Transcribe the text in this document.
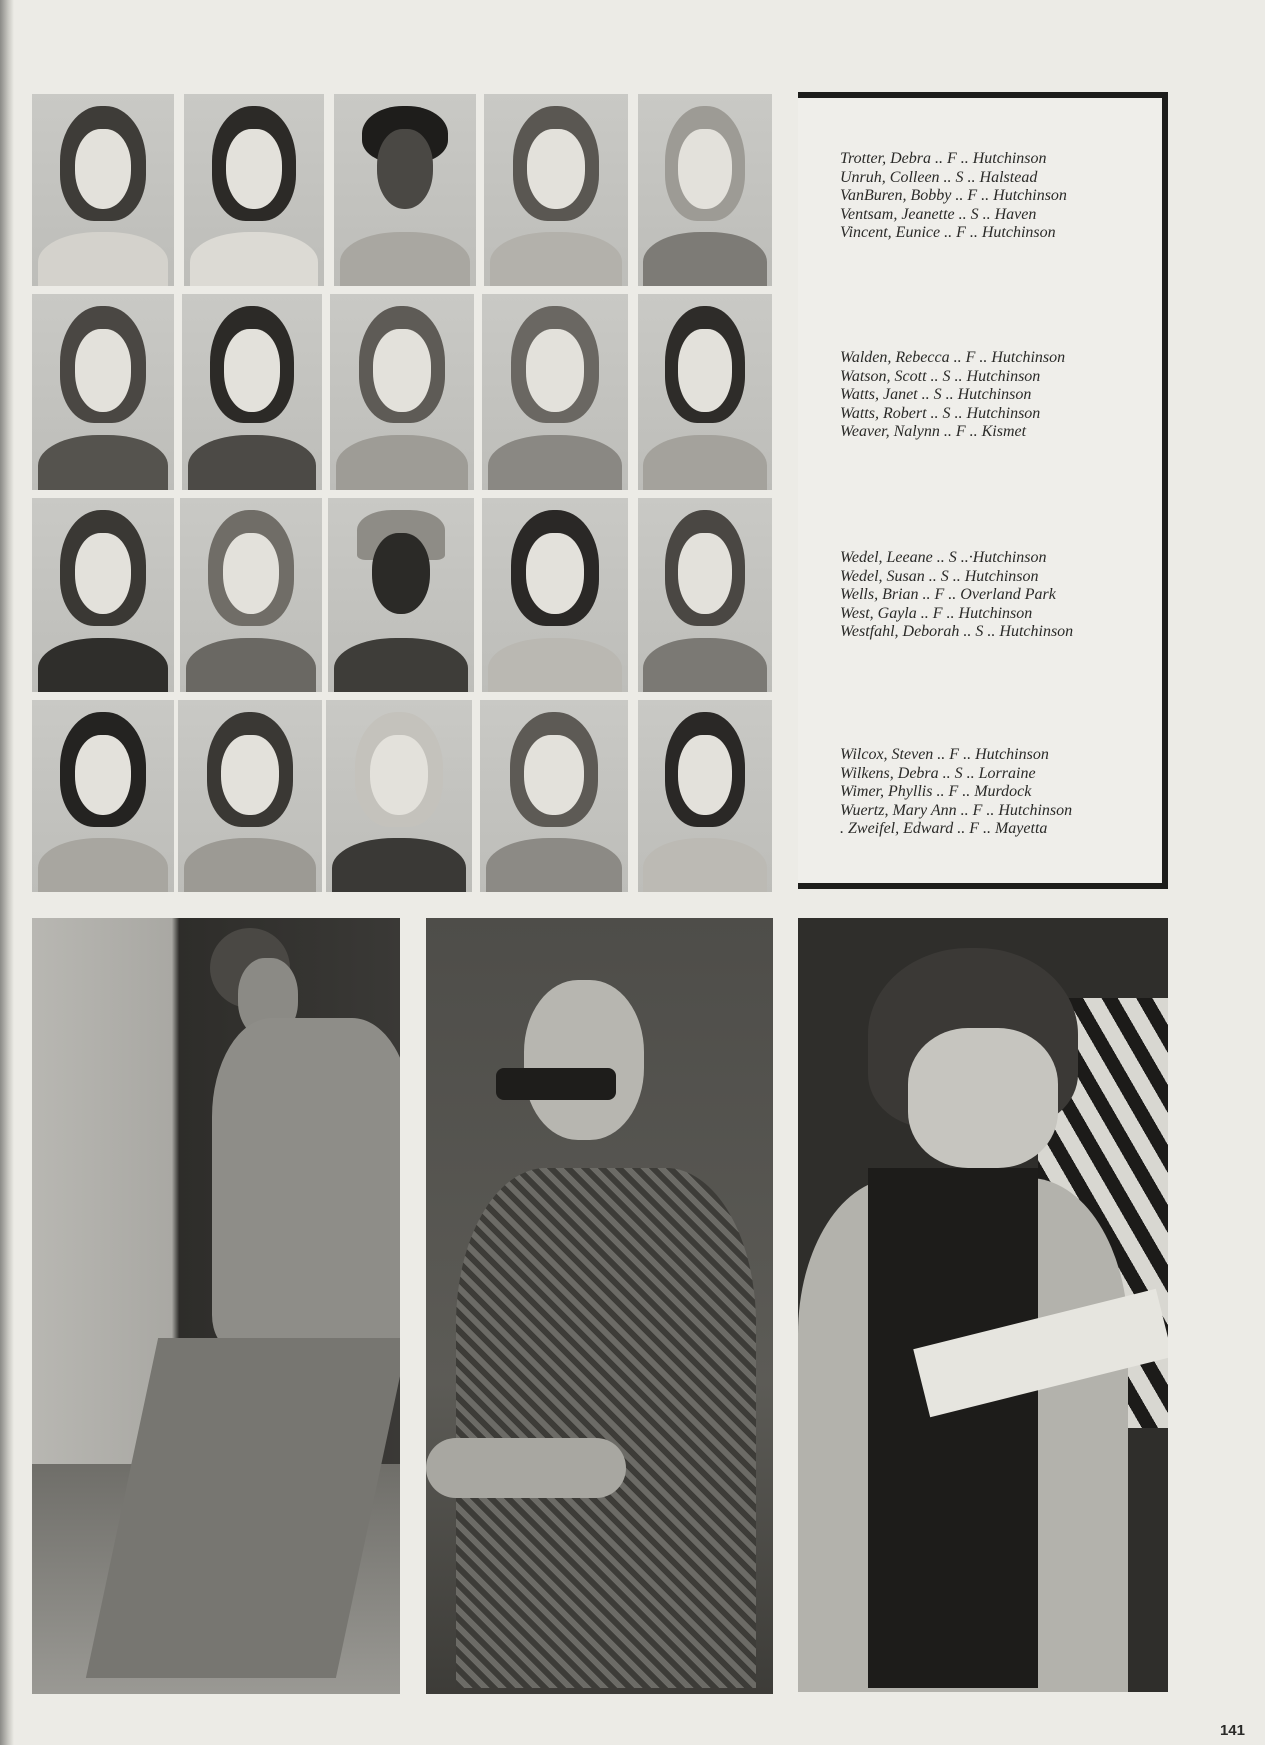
Trotter, Debra .. F .. Hutchinson
Unruh, Colleen .. S .. Halstead
VanBuren, Bobby .. F .. Hutchinson
Ventsam, Jeanette .. S .. Haven
Vincent, Eunice .. F .. Hutchinson
Walden, Rebecca .. F .. Hutchinson
Watson, Scott .. S .. Hutchinson
Watts, Janet .. S .. Hutchinson
Watts, Robert .. S .. Hutchinson
Weaver, Nalynn .. F .. Kismet
Wedel, Leeane .. S ..·Hutchinson
Wedel, Susan .. S .. Hutchinson
Wells, Brian .. F .. Overland Park
West, Gayla .. F .. Hutchinson
Westfahl, Deborah .. S .. Hutchinson
Wilcox, Steven .. F .. Hutchinson
Wilkens, Debra .. S .. Lorraine
Wimer, Phyllis .. F .. Murdock
Wuertz, Mary Ann .. F .. Hutchinson
. Zweifel, Edward .. F .. Mayetta
141
